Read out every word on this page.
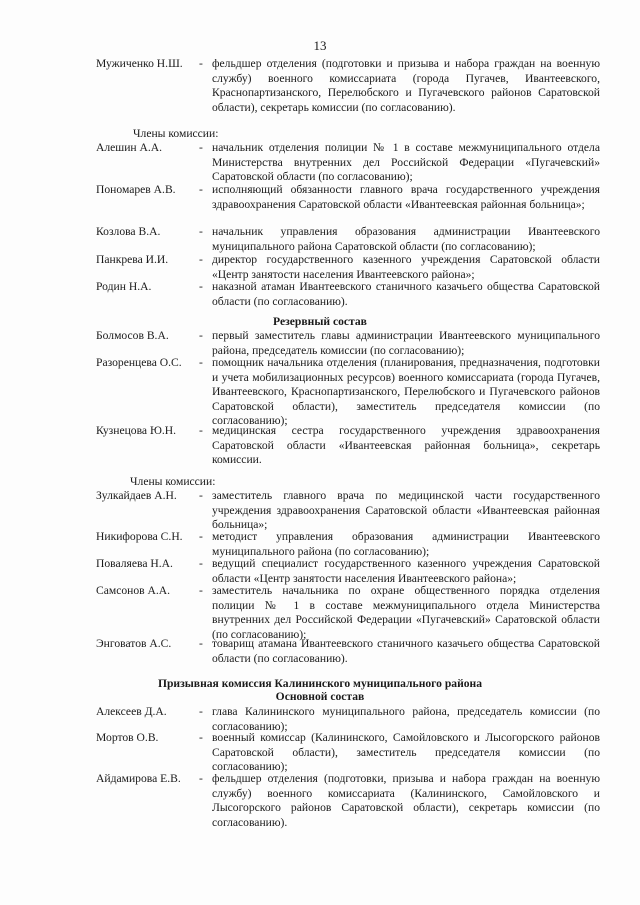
13
Мужиченко Н.Ш. - фельдшер отделения (подготовки и призыва и набора граждан на военную службу) военного комиссариата (города Пугачев, Ивантеевского, Краснопартизанского, Перелюбского и Пугачевского районов Саратовской области), секретарь комиссии (по согласованию).
Члены комиссии:
Алешин А.А.	- начальник отделения полиции № 1 в составе межмуниципального отдела Министерства внутренних дел Российской Федерации «Пугачевский» Саратовской области (по согласованию);
Пономарев А.В. - исполняющий обязанности главного врача государственного учреждения здравоохранения Саратовской области «Ивантеевская районная больница»;
Козлова В.А.	- начальник управления образования администрации Ивантеевского муниципального района Саратовской области (по согласованию);
Панкрева И.И.	- директор государственного казенного учреждения Саратовской области «Центр занятости населения Ивантеевского района»;
Родин Н.А.	- наказной атаман Ивантеевского станичного казачьего общества Саратовской области (по согласованию).
Резервный состав
Болмосов В.А.	- первый заместитель главы администрации Ивантеевского муниципального района, председатель комиссии (по согласованию);
Разоренцева О.С. - помощник начальника отделения (планирования, предназначения, подготовки и учета мобилизационных ресурсов) военного комиссариата (города Пугачев, Ивантеевского, Краснопартизанского, Перелюбского и Пугачевского районов Саратовской области), заместитель председателя комиссии (по согласованию);
Кузнецова Ю.Н. - медицинская сестра государственного учреждения здравоохранения Саратовской области «Ивантеевская районная больница», секретарь комиссии.
Члены комиссии:
Зулкайдаев А.Н. - заместитель главного врача по медицинской части государственного учреждения здравоохранения Саратовской области «Ивантеевская районная больница»;
Никифорова С.Н. - методист управления образования администрации Ивантеевского муниципального района (по согласованию);
Поваляева Н.А. - ведущий специалист государственного казенного учреждения Саратовской области «Центр занятости населения Ивантеевского района»;
Самсонов А.А. - заместитель начальника по охране общественного порядка отделения полиции № 1 в составе межмуниципального отдела Министерства внутренних дел Российской Федерации «Пугачевский» Саратовской области (по согласованию);
Энговатов А.С. - товарищ атамана Ивантеевского станичного казачьего общества Саратовской области (по согласованию).
Призывная комиссия Калининского муниципального района
Основной состав
Алексеев Д.А.	- глава Калининского муниципального района, председатель комиссии (по согласованию);
Мортов О.В.	- военный комиссар (Калининского, Самойловского и Лысогорского районов Саратовской области), заместитель председателя комиссии (по согласованию);
Айдамирова Е.В. - фельдшер отделения (подготовки, призыва и набора граждан на военную службу) военного комиссариата (Калининского, Самойловского и Лысогорского районов Саратовской области), секретарь комиссии (по согласованию).
